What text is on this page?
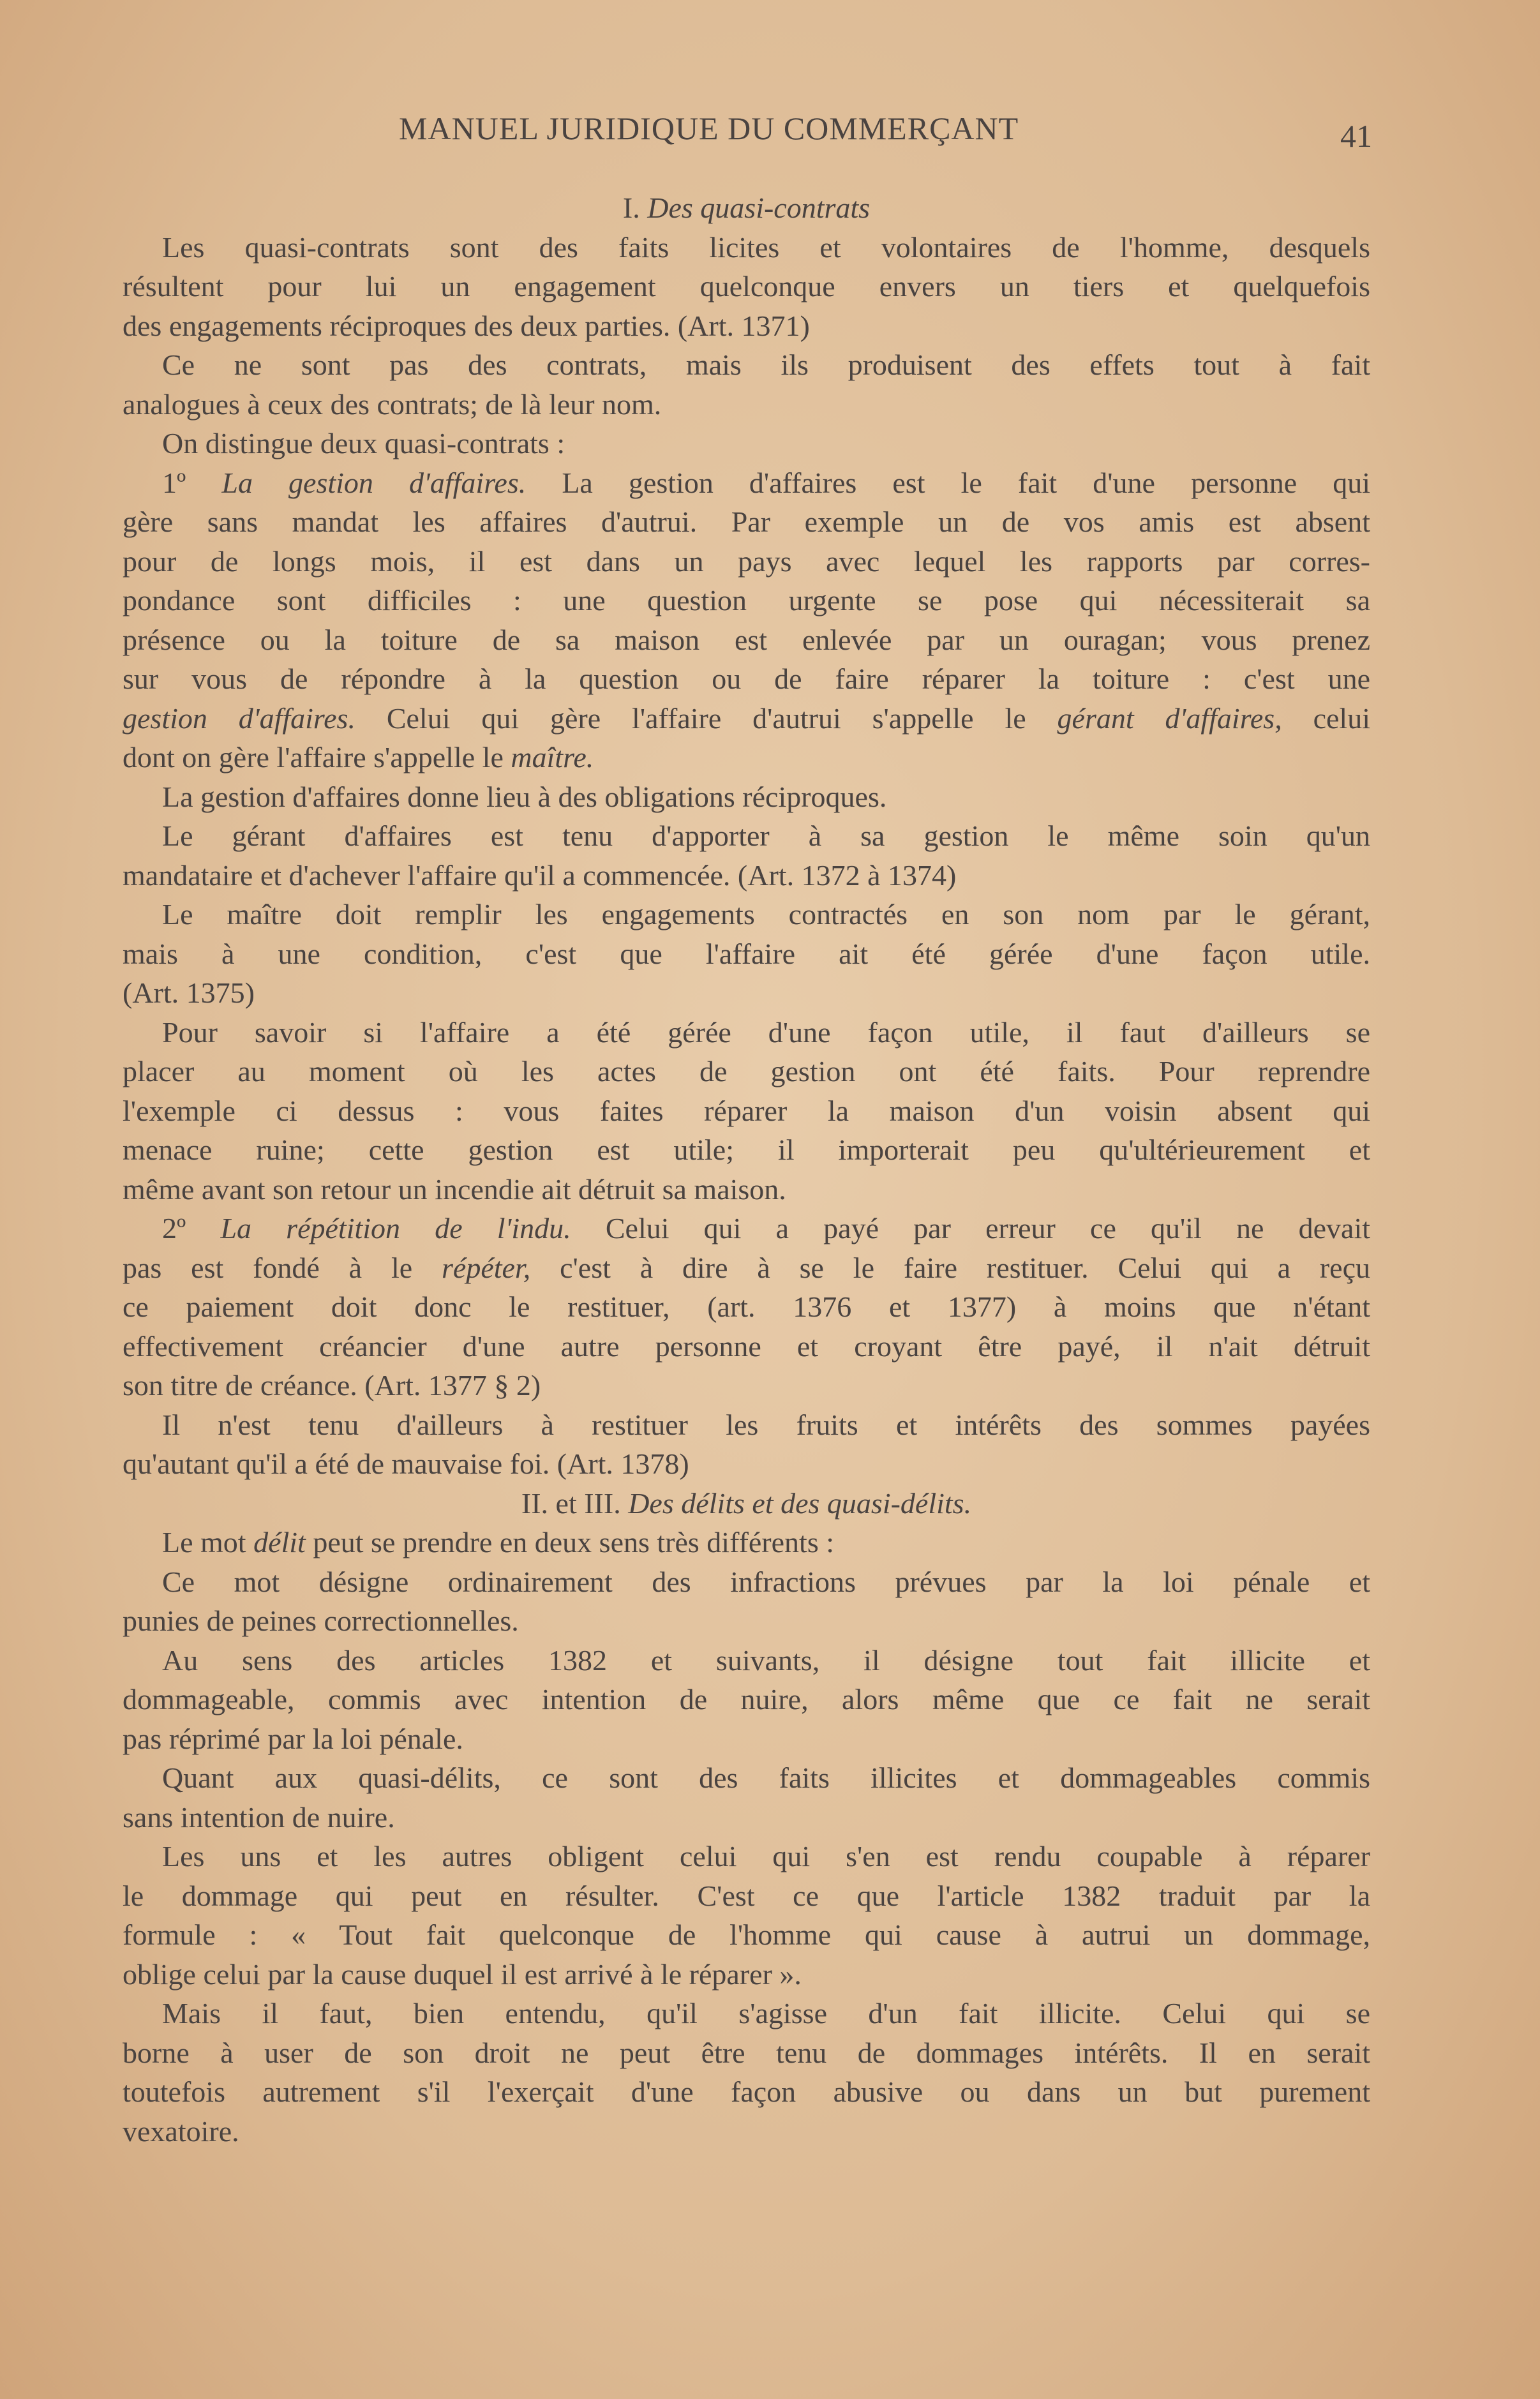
MANUEL JURIDIQUE DU COMMERÇANT	41
I. Des quasi-contrats
Les quasi-contrats sont des faits licites et volontaires de l'homme, desquels
résultent pour lui un engagement quelconque envers un tiers et quelquefois
des engagements réciproques des deux parties. (Art. 1371)
Ce ne sont pas des contrats, mais ils produisent des effets tout à fait
analogues à ceux des contrats; de là leur nom.
On distingue deux quasi-contrats :
1º La gestion d'affaires. La gestion d'affaires est le fait d'une personne qui
gère sans mandat les affaires d'autrui. Par exemple un de vos amis est absent
pour de longs mois, il est dans un pays avec lequel les rapports par corres-
pondance sont difficiles : une question urgente se pose qui nécessiterait sa
présence ou la toiture de sa maison est enlevée par un ouragan; vous prenez
sur vous de répondre à la question ou de faire réparer la toiture : c'est une
gestion d'affaires. Celui qui gère l'affaire d'autrui s'appelle le gérant d'affaires, celui
dont on gère l'affaire s'appelle le maître.
La gestion d'affaires donne lieu à des obligations réciproques.
Le gérant d'affaires est tenu d'apporter à sa gestion le même soin qu'un
mandataire et d'achever l'affaire qu'il a commencée. (Art. 1372 à 1374)
Le maître doit remplir les engagements contractés en son nom par le gérant,
mais à une condition, c'est que l'affaire ait été gérée d'une façon utile.
(Art. 1375)
Pour savoir si l'affaire a été gérée d'une façon utile, il faut d'ailleurs se
placer au moment où les actes de gestion ont été faits. Pour reprendre
l'exemple ci dessus : vous faites réparer la maison d'un voisin absent qui
menace ruine; cette gestion est utile; il importerait peu qu'ultérieurement et
même avant son retour un incendie ait détruit sa maison.
2º La répétition de l'indu. Celui qui a payé par erreur ce qu'il ne devait
pas est fondé à le répéter, c'est à dire à se le faire restituer. Celui qui a reçu
ce paiement doit donc le restituer, (art. 1376 et 1377) à moins que n'étant
effectivement créancier d'une autre personne et croyant être payé, il n'ait détruit
son titre de créance. (Art. 1377 § 2)
Il n'est tenu d'ailleurs à restituer les fruits et intérêts des sommes payées
qu'autant qu'il a été de mauvaise foi. (Art. 1378)
II. et III. Des délits et des quasi-délits.
Le mot délit peut se prendre en deux sens très différents :
Ce mot désigne ordinairement des infractions prévues par la loi pénale et
punies de peines correctionnelles.
Au sens des articles 1382 et suivants, il désigne tout fait illicite et
dommageable, commis avec intention de nuire, alors même que ce fait ne serait
pas réprimé par la loi pénale.
Quant aux quasi-délits, ce sont des faits illicites et dommageables commis
sans intention de nuire.
Les uns et les autres obligent celui qui s'en est rendu coupable à réparer
le dommage qui peut en résulter. C'est ce que l'article 1382 traduit par la
formule : « Tout fait quelconque de l'homme qui cause à autrui un dommage,
oblige celui par la cause duquel il est arrivé à le réparer ».
Mais il faut, bien entendu, qu'il s'agisse d'un fait illicite. Celui qui se
borne à user de son droit ne peut être tenu de dommages intérêts. Il en serait
toutefois autrement s'il l'exerçait d'une façon abusive ou dans un but purement
vexatoire.
